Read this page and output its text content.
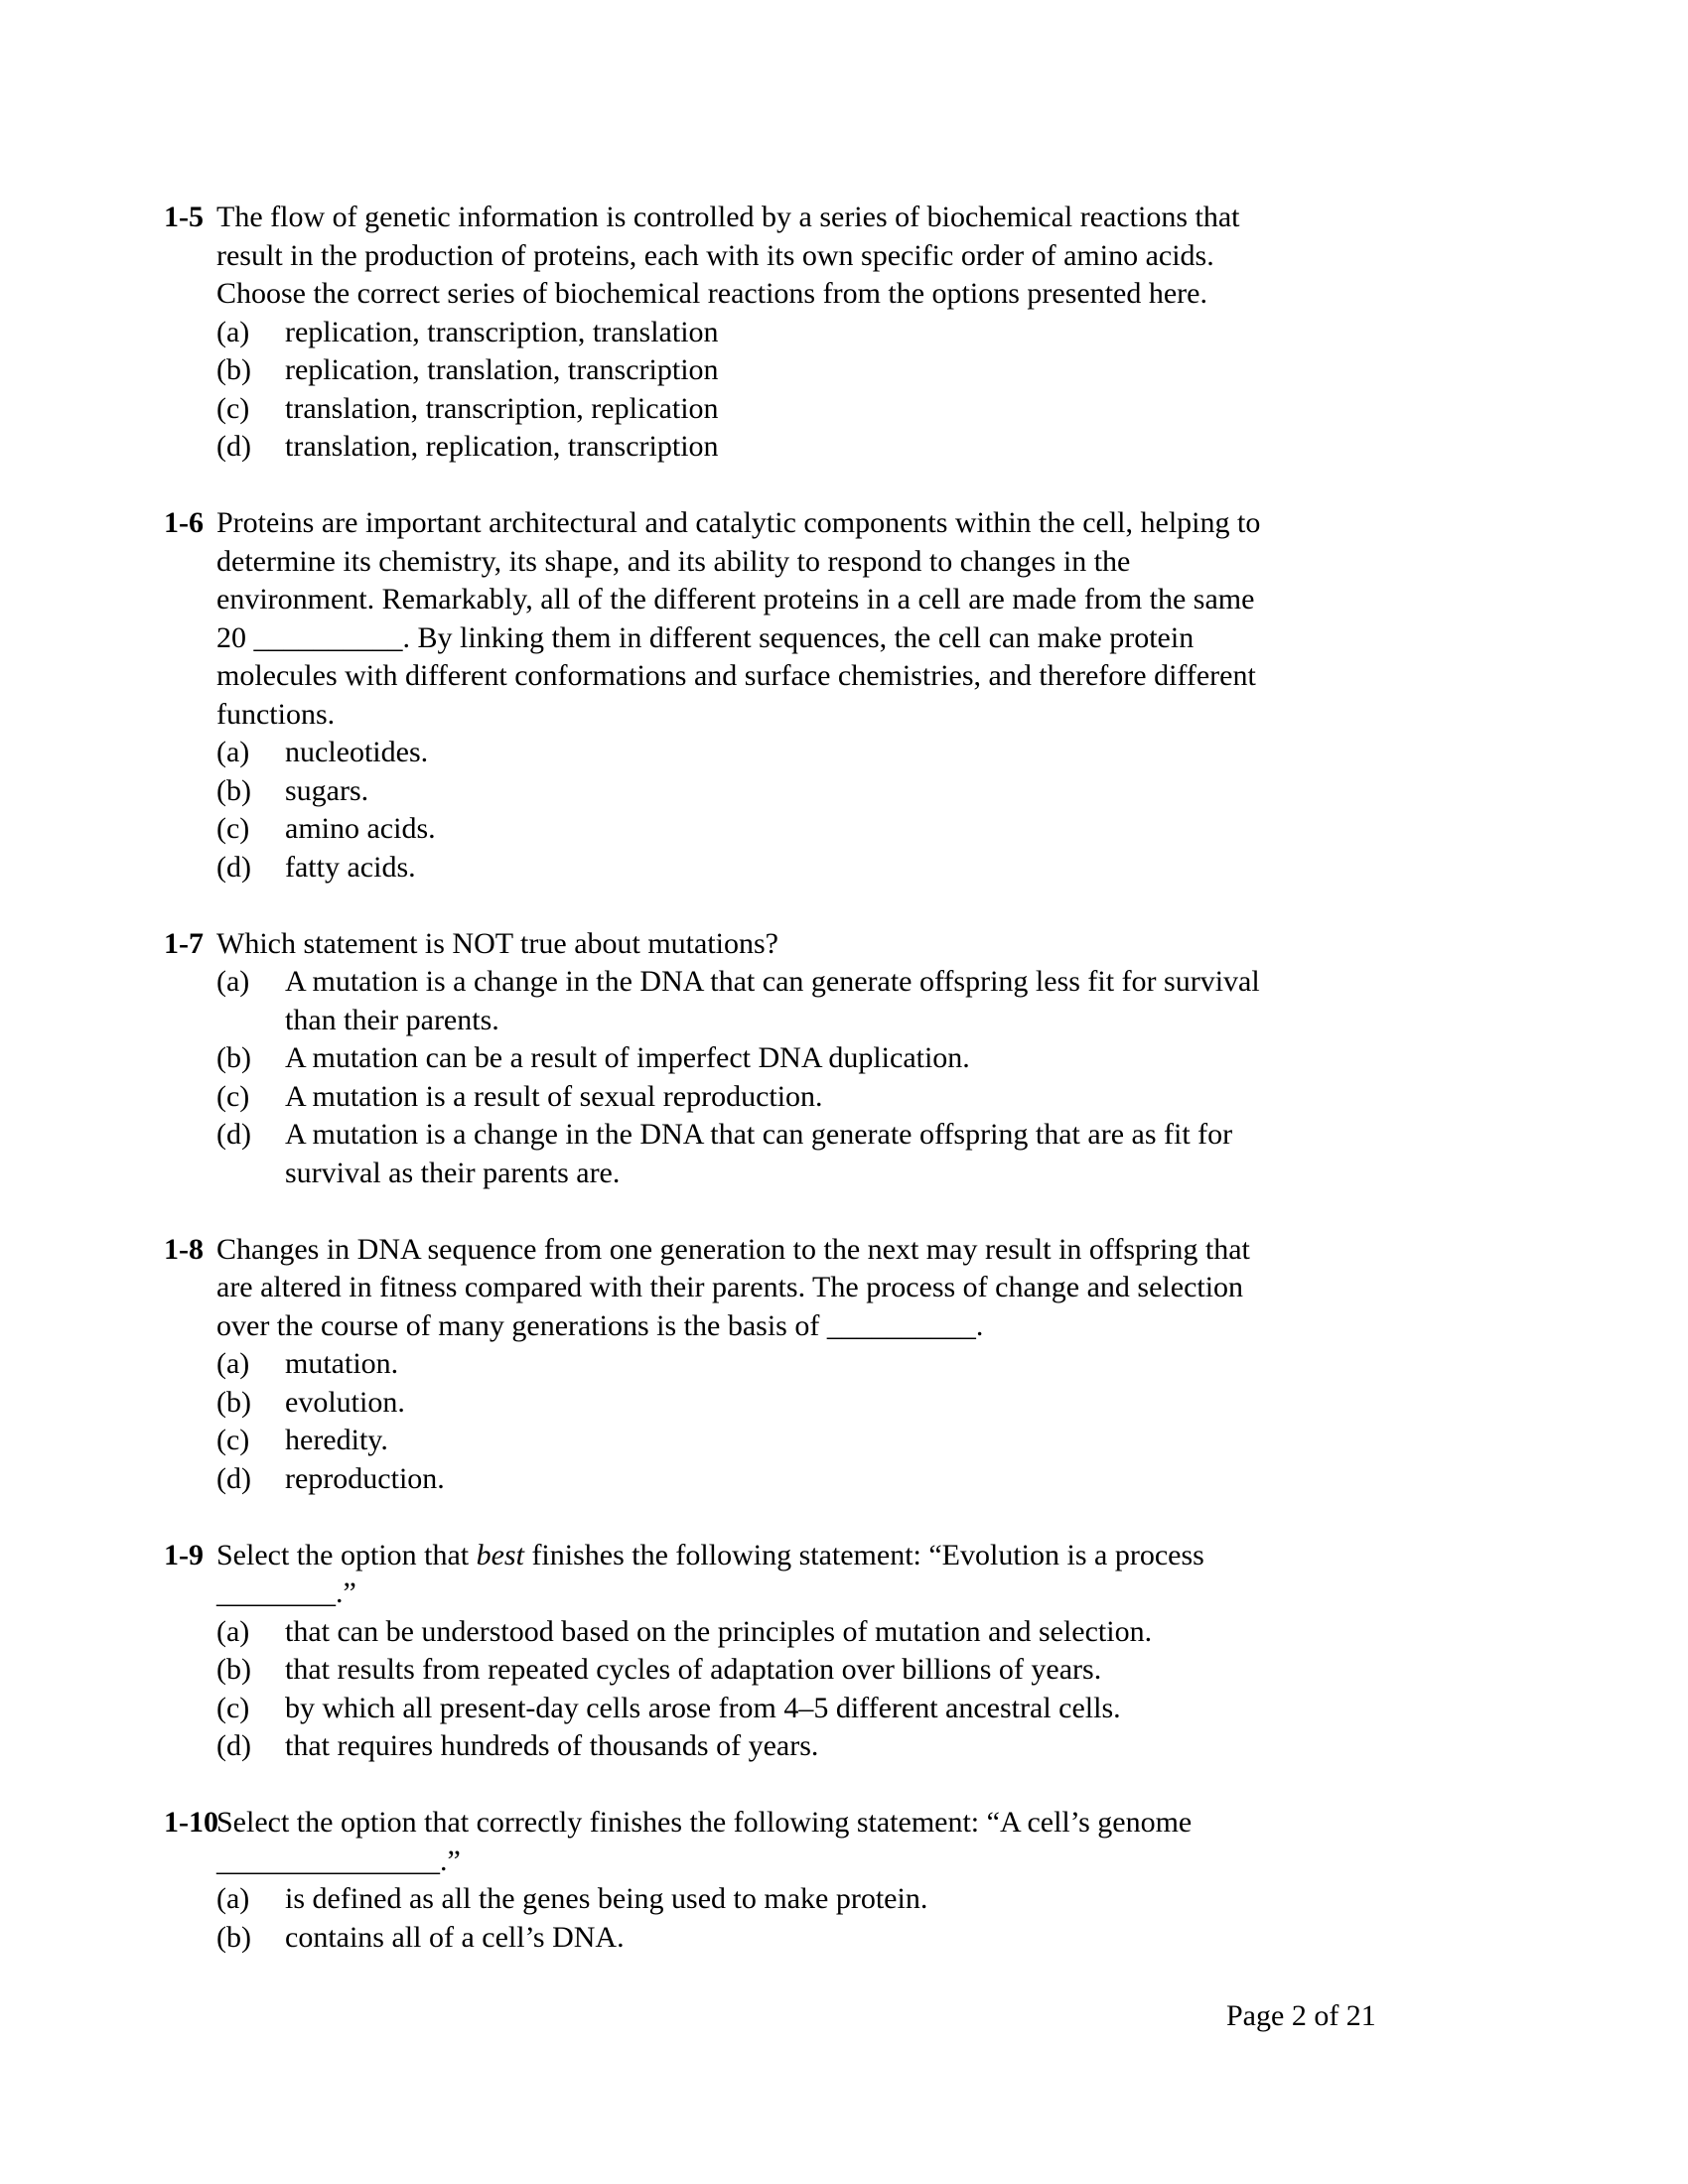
1-5 The flow of genetic information is controlled by a series of biochemical reactions that
result in the production of proteins, each with its own specific order of amino acids.
Choose the correct series of biochemical reactions from the options presented here.
(a) replication, transcription, translation
(b) replication, translation, transcription
(c) translation, transcription, replication
(d) translation, replication, transcription
1-6 Proteins are important architectural and catalytic components within the cell, helping to
determine its chemistry, its shape, and its ability to respond to changes in the
environment. Remarkably, all of the different proteins in a cell are made from the same
20 __________. By linking them in different sequences, the cell can make protein
molecules with different conformations and surface chemistries, and therefore different
functions.
(a) nucleotides.
(b) sugars.
(c) amino acids.
(d) fatty acids.
1-7 Which statement is NOT true about mutations?
(a) A mutation is a change in the DNA that can generate offspring less fit for survival
than their parents.
(b) A mutation can be a result of imperfect DNA duplication.
(c) A mutation is a result of sexual reproduction.
(d) A mutation is a change in the DNA that can generate offspring that are as fit for
survival as their parents are.
1-8 Changes in DNA sequence from one generation to the next may result in offspring that
are altered in fitness compared with their parents. The process of change and selection
over the course of many generations is the basis of __________.
(a) mutation.
(b) evolution.
(c) heredity.
(d) reproduction.
1-9 Select the option that best finishes the following statement: “Evolution is a process
________.”
(a) that can be understood based on the principles of mutation and selection.
(b) that results from repeated cycles of adaptation over billions of years.
(c) by which all present-day cells arose from 4–5 different ancestral cells.
(d) that requires hundreds of thousands of years.
1-10
Select the option that correctly finishes the following statement: “A cell’s genome
_______________.”
(a) is defined as all the genes being used to make protein.
(b) contains all of a cell’s DNA.
Page 2 of 21
